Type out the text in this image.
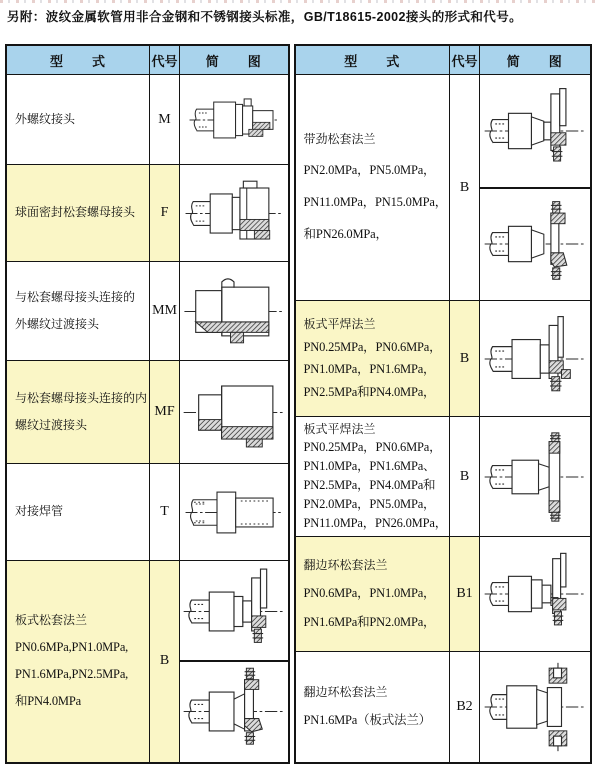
另附：波纹金属软管用非合金钢和不锈钢接头标准，GB/T18615-2002接头的形式和代号。
型　　式	代号	简　　图

外螺纹接头	M	

球面密封松套螺母接头	F	

与松套螺母接头连接的
外螺纹过渡接头	MM	

与松套螺母接头连接的内
螺纹过渡接头	MF	

对接焊管	T	

板式松套法兰
PN0.6MPa,PN1.0MPa,
PN1.6MPa,PN2.5MPa,
和PN4.0MPa	B	
型　　式	代号	简　　图

带劲松套法兰
PN2.0MPa，PN5.0MPa，
PN11.0MPa，PN15.0MPa，
和PN26.0MPa，	B	

板式平焊法兰
PN0.25MPa，PN0.6MPa，
PN1.0MPa，PN1.6MPa，
PN2.5MPa和PN4.0MPa，	B	

板式平焊法兰
PN0.25MPa，PN0.6MPa，
PN1.0MPa，PN1.6MPa、
PN2.5MPa，PN4.0MPa和
PN2.0MPa，PN5.0MPa，
PN11.0MPa，PN26.0MPa，
	B	

翻边环松套法兰
PN0.6MPa，PN1.0MPa，
PN1.6MPa和PN2.0MPa，	B1	

翻边环松套法兰
PN1.6MPa（板式法兰）	B2	
